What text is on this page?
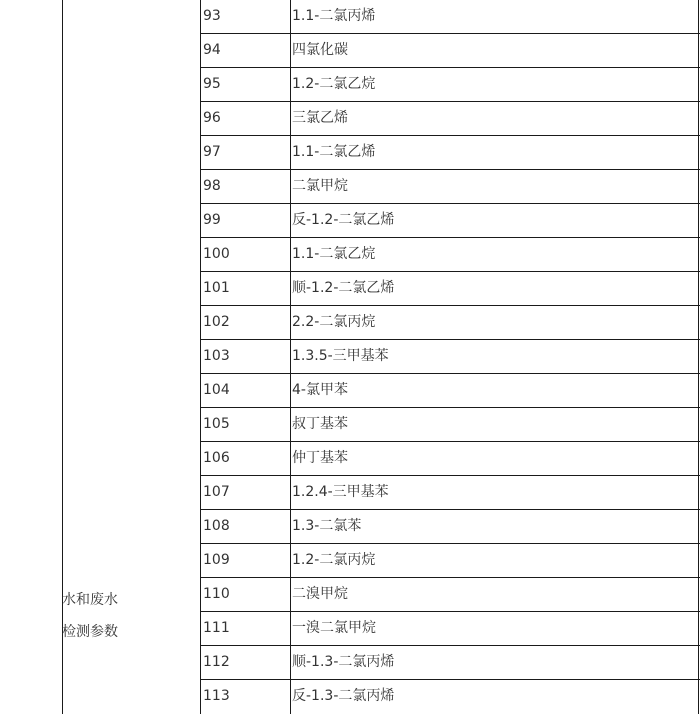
水和废水
检测参数
93	1.1-二氯丙烯
94	四氯化碳
95	1.2-二氯乙烷
96	三氯乙烯
97	1.1-二氯乙烯
98	二氯甲烷
99	反-1.2-二氯乙烯
100	1.1-二氯乙烷
101	顺-1.2-二氯乙烯
102	2.2-二氯丙烷
103	1.3.5-三甲基苯
104	4-氯甲苯
105	叔丁基苯
106	仲丁基苯
107	1.2.4-三甲基苯
108	1.3-二氯苯
109	1.2-二氯丙烷
110	二溴甲烷
111	一溴二氯甲烷
112	顺-1.3-二氯丙烯
113	反-1.3-二氯丙烯
